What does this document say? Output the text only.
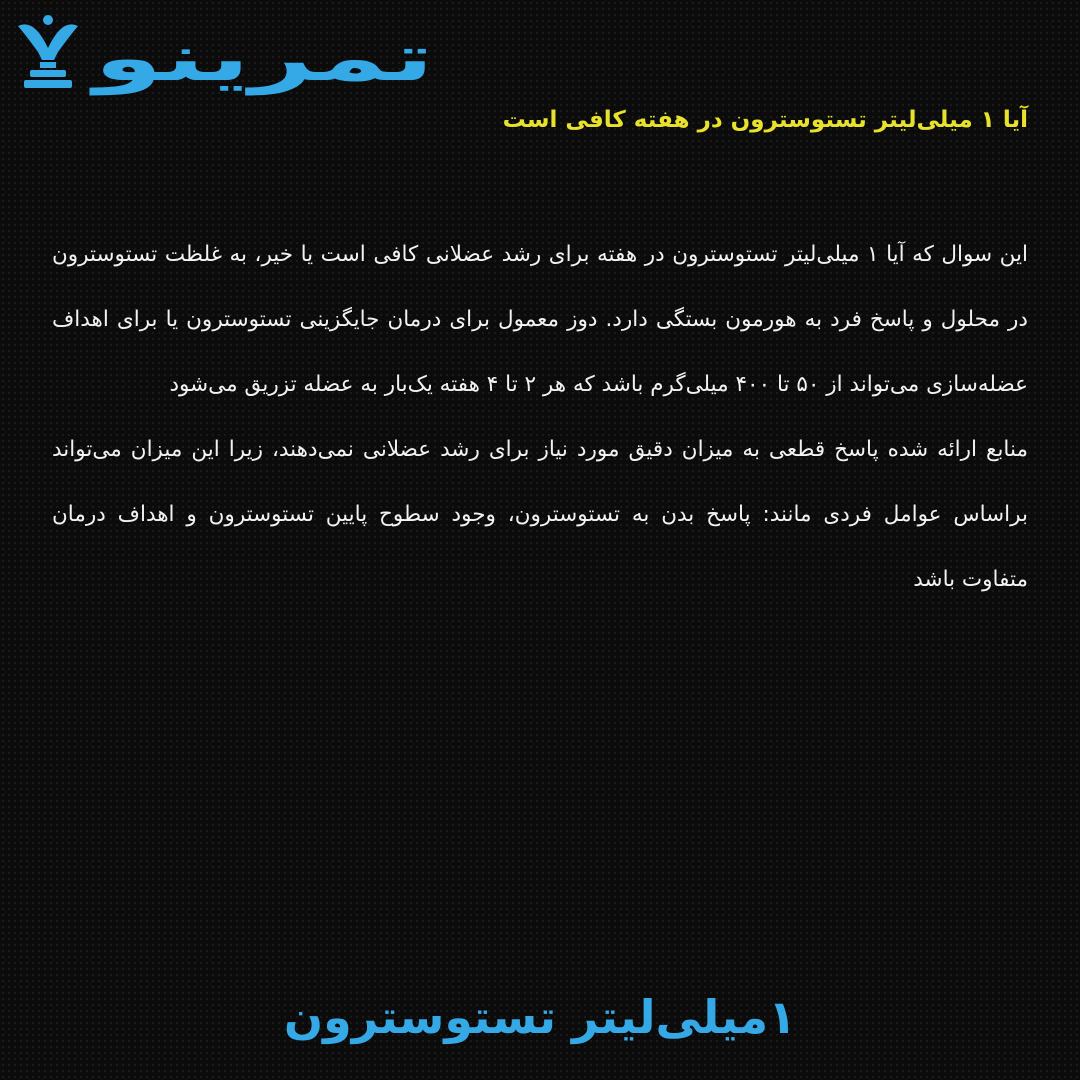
تمرینو
آیا ۱ میلی‌لیتر تستوسترون در هفته کافی است

این سوال که آیا ۱ میلی‌لیتر تستوسترون در هفته برای رشد عضلانی کافی است یا خیر، به غلظت تستوسترون در محلول و پاسخ فرد به هورمون بستگی دارد. دوز معمول برای درمان جایگزینی تستوسترون یا برای اهداف عضله‌سازی می‌تواند از ۵۰ تا ۴۰۰ میلی‌گرم باشد که هر ۲ تا ۴ هفته یک‌بار به عضله تزریق می‌شود

منابع ارائه شده پاسخ قطعی به میزان دقیق مورد نیاز برای رشد عضلانی نمی‌دهند، زیرا این میزان می‌تواند براساس عوامل فردی مانند: پاسخ بدن به تستوسترون، وجود سطوح پایین تستوسترون و اهداف درمان متفاوت باشد

۱میلی‌لیتر تستوسترون
